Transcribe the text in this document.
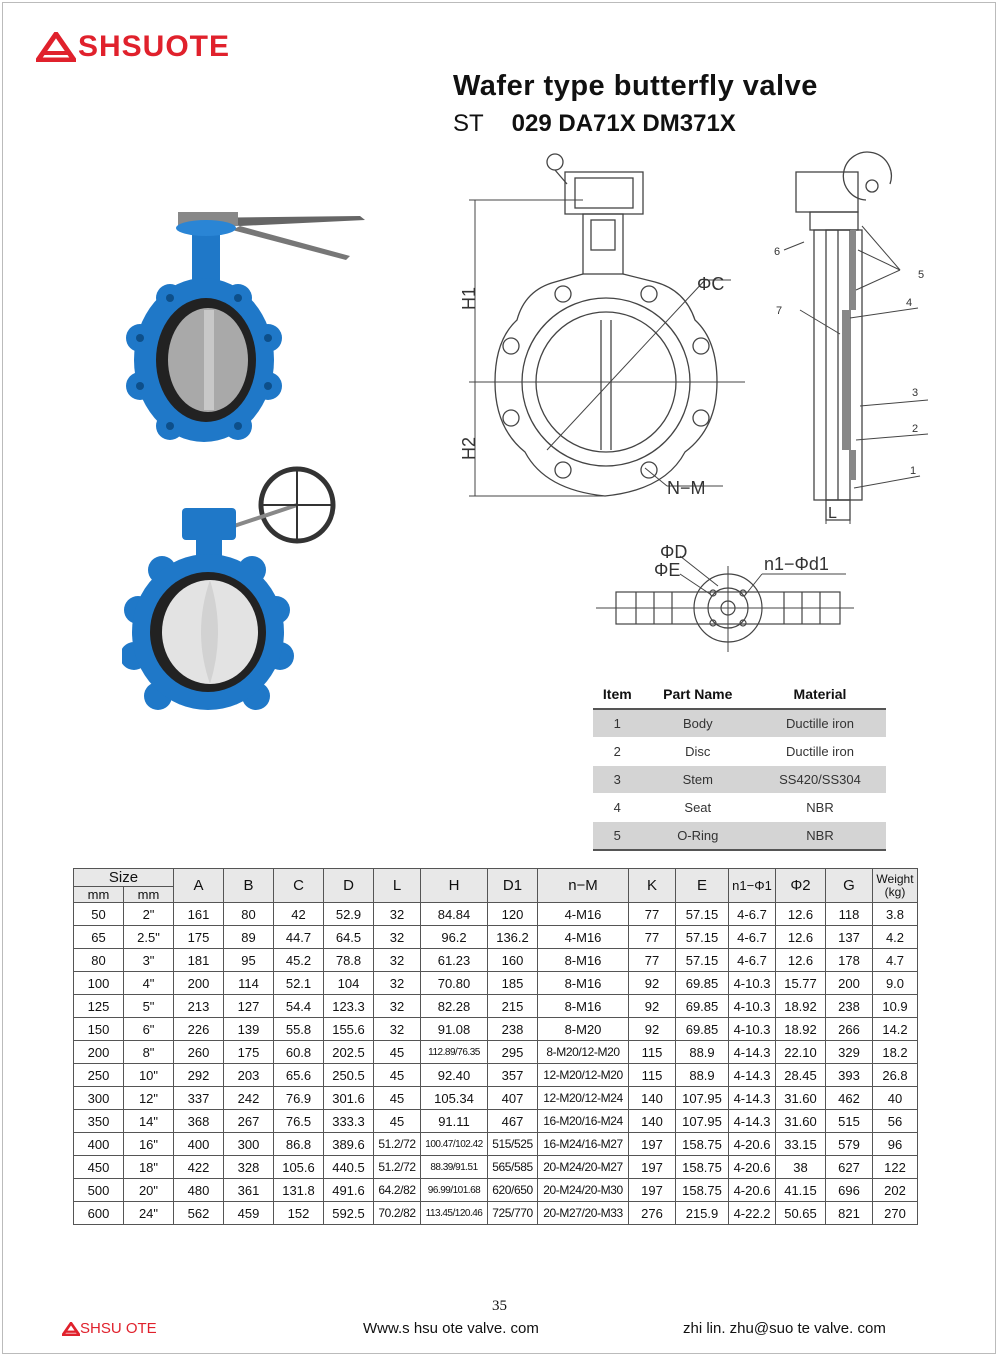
SHSUOTE
Wafer type butterfly valve
ST 029 DA71X DM371X
H1
H2
ΦC
N−M
6
5
4
7
3
2
1
L
ΦD
ΦE	n1−Φd1
Item	Part Name	Material
1	Body	Ductille iron
2	Disc	Ductille iron
3	Stem	SS420/SS304
4	Seat	NBR
5	O-Ring	NBR
Size		A	B	C	D	L	H	D1	n−M	K	E	n1−Φ1	Φ2	G	Weight (kg)
mm	mm														
50	2"	161	80	42	52.9	32	84.84	120	4-M16	77	57.15	4-6.7	12.6	118	3.8
65	2.5"	175	89	44.7	64.5	32	96.2	136.2	4-M16	77	57.15	4-6.7	12.6	137	4.2
80	3"	181	95	45.2	78.8	32	61.23	160	8-M16	77	57.15	4-6.7	12.6	178	4.7
100	4"	200	114	52.1	104	32	70.80	185	8-M16	92	69.85	4-10.3	15.77	200	9.0
125	5"	213	127	54.4	123.3	32	82.28	215	8-M16	92	69.85	4-10.3	18.92	238	10.9
150	6"	226	139	55.8	155.6	32	91.08	238	8-M20	92	69.85	4-10.3	18.92	266	14.2
200	8"	260	175	60.8	202.5	45	112.89/76.35	295	8-M20/12-M20	115	88.9	4-14.3	22.10	329	18.2
250	10"	292	203	65.6	250.5	45	92.40	357	12-M20/12-M20	115	88.9	4-14.3	28.45	393	26.8
300	12"	337	242	76.9	301.6	45	105.34	407	12-M20/12-M24	140	107.95	4-14.3	31.60	462	40
350	14"	368	267	76.5	333.3	45	91.11	467	16-M20/16-M24	140	107.95	4-14.3	31.60	515	56
400	16"	400	300	86.8	389.6	51.2/72	100.47/102.42	515/525	16-M24/16-M27	197	158.75	4-20.6	33.15	579	96
450	18"	422	328	105.6	440.5	51.2/72	88.39/91.51	565/585	20-M24/20-M27	197	158.75	4-20.6	38	627	122
500	20"	480	361	131.8	491.6	64.2/82	96.99/101.68	620/650	20-M24/20-M30	197	158.75	4-20.6	41.15	696	202
600	24"	562	459	152	592.5	70.2/82	113.45/120.46	725/770	20-M27/20-M33	276	215.9	4-22.2	50.65	821	270
35
SHSU OTE	Www.s hsu ote valve. com	zhi lin. zhu@suo te valve. com
